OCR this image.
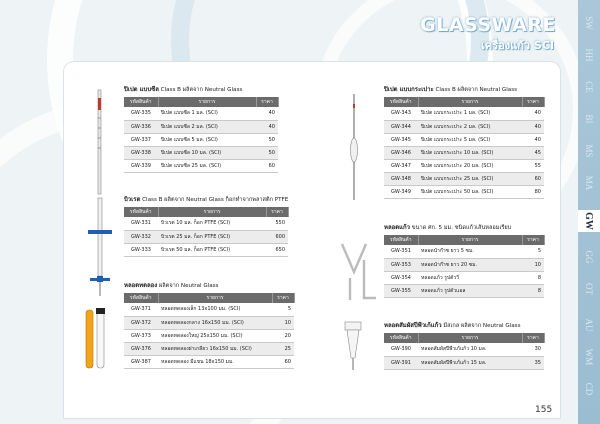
GLASSWARE
เครื่องแก้ว SCI
SW
HH
CE
BI
MS
MA
GW
GG
OT
AU
WM
CD
ปิเปต แบบซีล Class B ผลิตจาก Neutral Glass
รหัสสินค้า	รายการ	ราคา
GW-335	ปิเปต แบบซีล 1 มล. (SCI)	40
GW-336	ปิเปต แบบซีล 2 มล. (SCI)	40
GW-337	ปิเปต แบบซีล 5 มล. (SCI)	50
GW-338	ปิเปต แบบซีล 10 มล. (SCI)	50
GW-339	ปิเปต แบบซีล 25 มล. (SCI)	60
บิวเรต Class B ผลิตจาก Neutral Glass ก็อกทำจากพลาสติก PTFE
รหัสสินค้า	รายการ	ราคา
GW-331	บิวเรต 10 มล. ก็อก PTFE (SCI)	550
GW-332	บิวเรต 25 มล. ก็อก PTFE (SCI)	600
GW-333	บิวเรต 50 มล. ก็อก PTFE (SCI)	650
หลอดทดลอง ผลิตจาก Neutral Glass
รหัสสินค้า	รายการ	ราคา
GW-371	หลอดทดลองเล็ก 13x100 มม. (SCI)	5
GW-372	หลอดทดลองกลาง 16x150 มม. (SCI)	10
GW-373	หลอดทดลองใหญ่ 25x150 มม. (SCI)	20
GW-376	หลอดทดลองฝาเกลียว 16x150 มม. (SCI)	25
GW-387	หลอดทดลอง มีแขน 18x150 มม.	60
ปิเปต แบบกระเปาะ Class B ผลิตจาก Neutral Glass
รหัสสินค้า	รายการ	ราคา
GW-343	ปิเปต แบบกระเปาะ 1 มล. (SCI)	40
GW-344	ปิเปต แบบกระเปาะ 2 มล. (SCI)	40
GW-345	ปิเปต แบบกระเปาะ 5 มล. (SCI)	40
GW-346	ปิเปต แบบกระเปาะ 10 มล. (SCI)	45
GW-347	ปิเปต แบบกระเปาะ 20 มล. (SCI)	55
GW-348	ปิเปต แบบกระเปาะ 25 มล. (SCI)	60
GW-349	ปิเปต แบบกระเปาะ 50 มล. (SCI)	80
หลอดแก้ว ขนาด ศก. 5 มม. ชนิดแก้วเส้นหลอมเรียบ
รหัสสินค้า	รายการ	ราคา
GW-351	หลอดนำก๊าซ ยาว 5 ซม.	5
GW-353	หลอดนำก๊าซ ยาว 20 ซม.	10
GW-354	หลอดแก้ว รูปตัววี	8
GW-355	หลอดแก้ว รูปตัวแอล	8
หลอดสัมผัสปีพีวเก้แก้ว มีสเกล ผลิตจาก Neutral Glass
รหัสสินค้า	รายการ	ราคา
GW-390	หลอดสัมผัสปีพีวเก้แก้ว 10 มล.	30
GW-391	หลอดสัมผัสปีพีวเก้แก้ว 15 มล.	35
155
